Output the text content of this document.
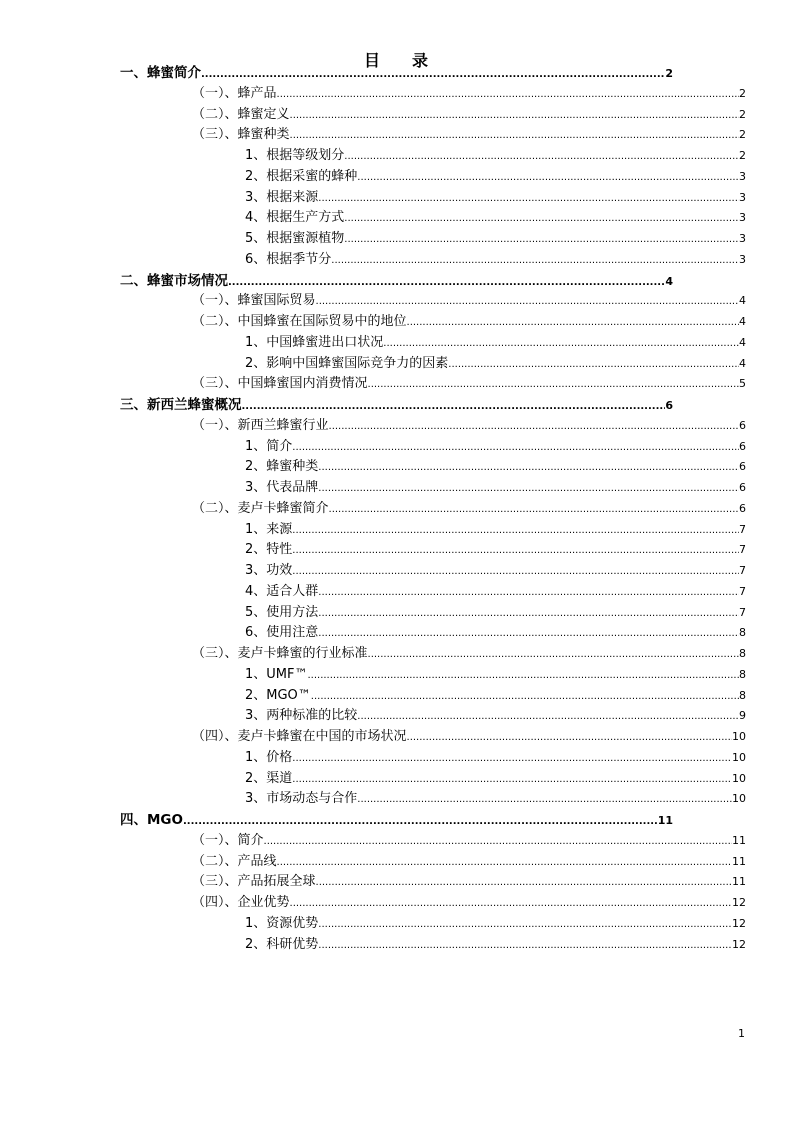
目 录
一、蜂蜜简介 .....	2
（一）、蜂产品 .....	2
（二）、蜂蜜定义 .....	2
（三）、蜂蜜种类 .....	2
1、根据等级划分 .....	2
2、根据采蜜的蜂种 .....	3
3、根据来源 .....	3
4、根据生产方式 .....	3
5、根据蜜源植物 .....	3
6、根据季节分 .....	3
二、蜂蜜市场情况 .....	4
（一）、蜂蜜国际贸易 .....	4
（二）、中国蜂蜜在国际贸易中的地位 .....	4
1、中国蜂蜜进出口状况 .....	4
2、影响中国蜂蜜国际竞争力的因素 .....	4
（三）、中国蜂蜜国内消费情况 .....	5
三、新西兰蜂蜜概况 .....	6
（一）、新西兰蜂蜜行业 .....	6
1、简介 .....	6
2、蜂蜜种类 .....	6
3、代表品牌 .....	6
（二）、麦卢卡蜂蜜简介 .....	6
1、来源 .....	7
2、特性 .....	7
3、功效 .....	7
4、适合人群 .....	7
5、使用方法 .....	7
6、使用注意 .....	8
（三）、麦卢卡蜂蜜的行业标准 .....	8
1、UMF™ .....	8
2、MGO™ .....	8
3、两种标准的比较 .....	9
（四）、麦卢卡蜂蜜在中国的市场状况 .....	10
1、价格 .....	10
2、渠道 .....	10
3、市场动态与合作 .....	10
四、MGO .....	11
（一）、简介 .....	11
（二）、产品线 .....	11
（三）、产品拓展全球 .....	11
（四）、企业优势 .....	12
1、资源优势 .....	12
2、科研优势 .....	12
1
